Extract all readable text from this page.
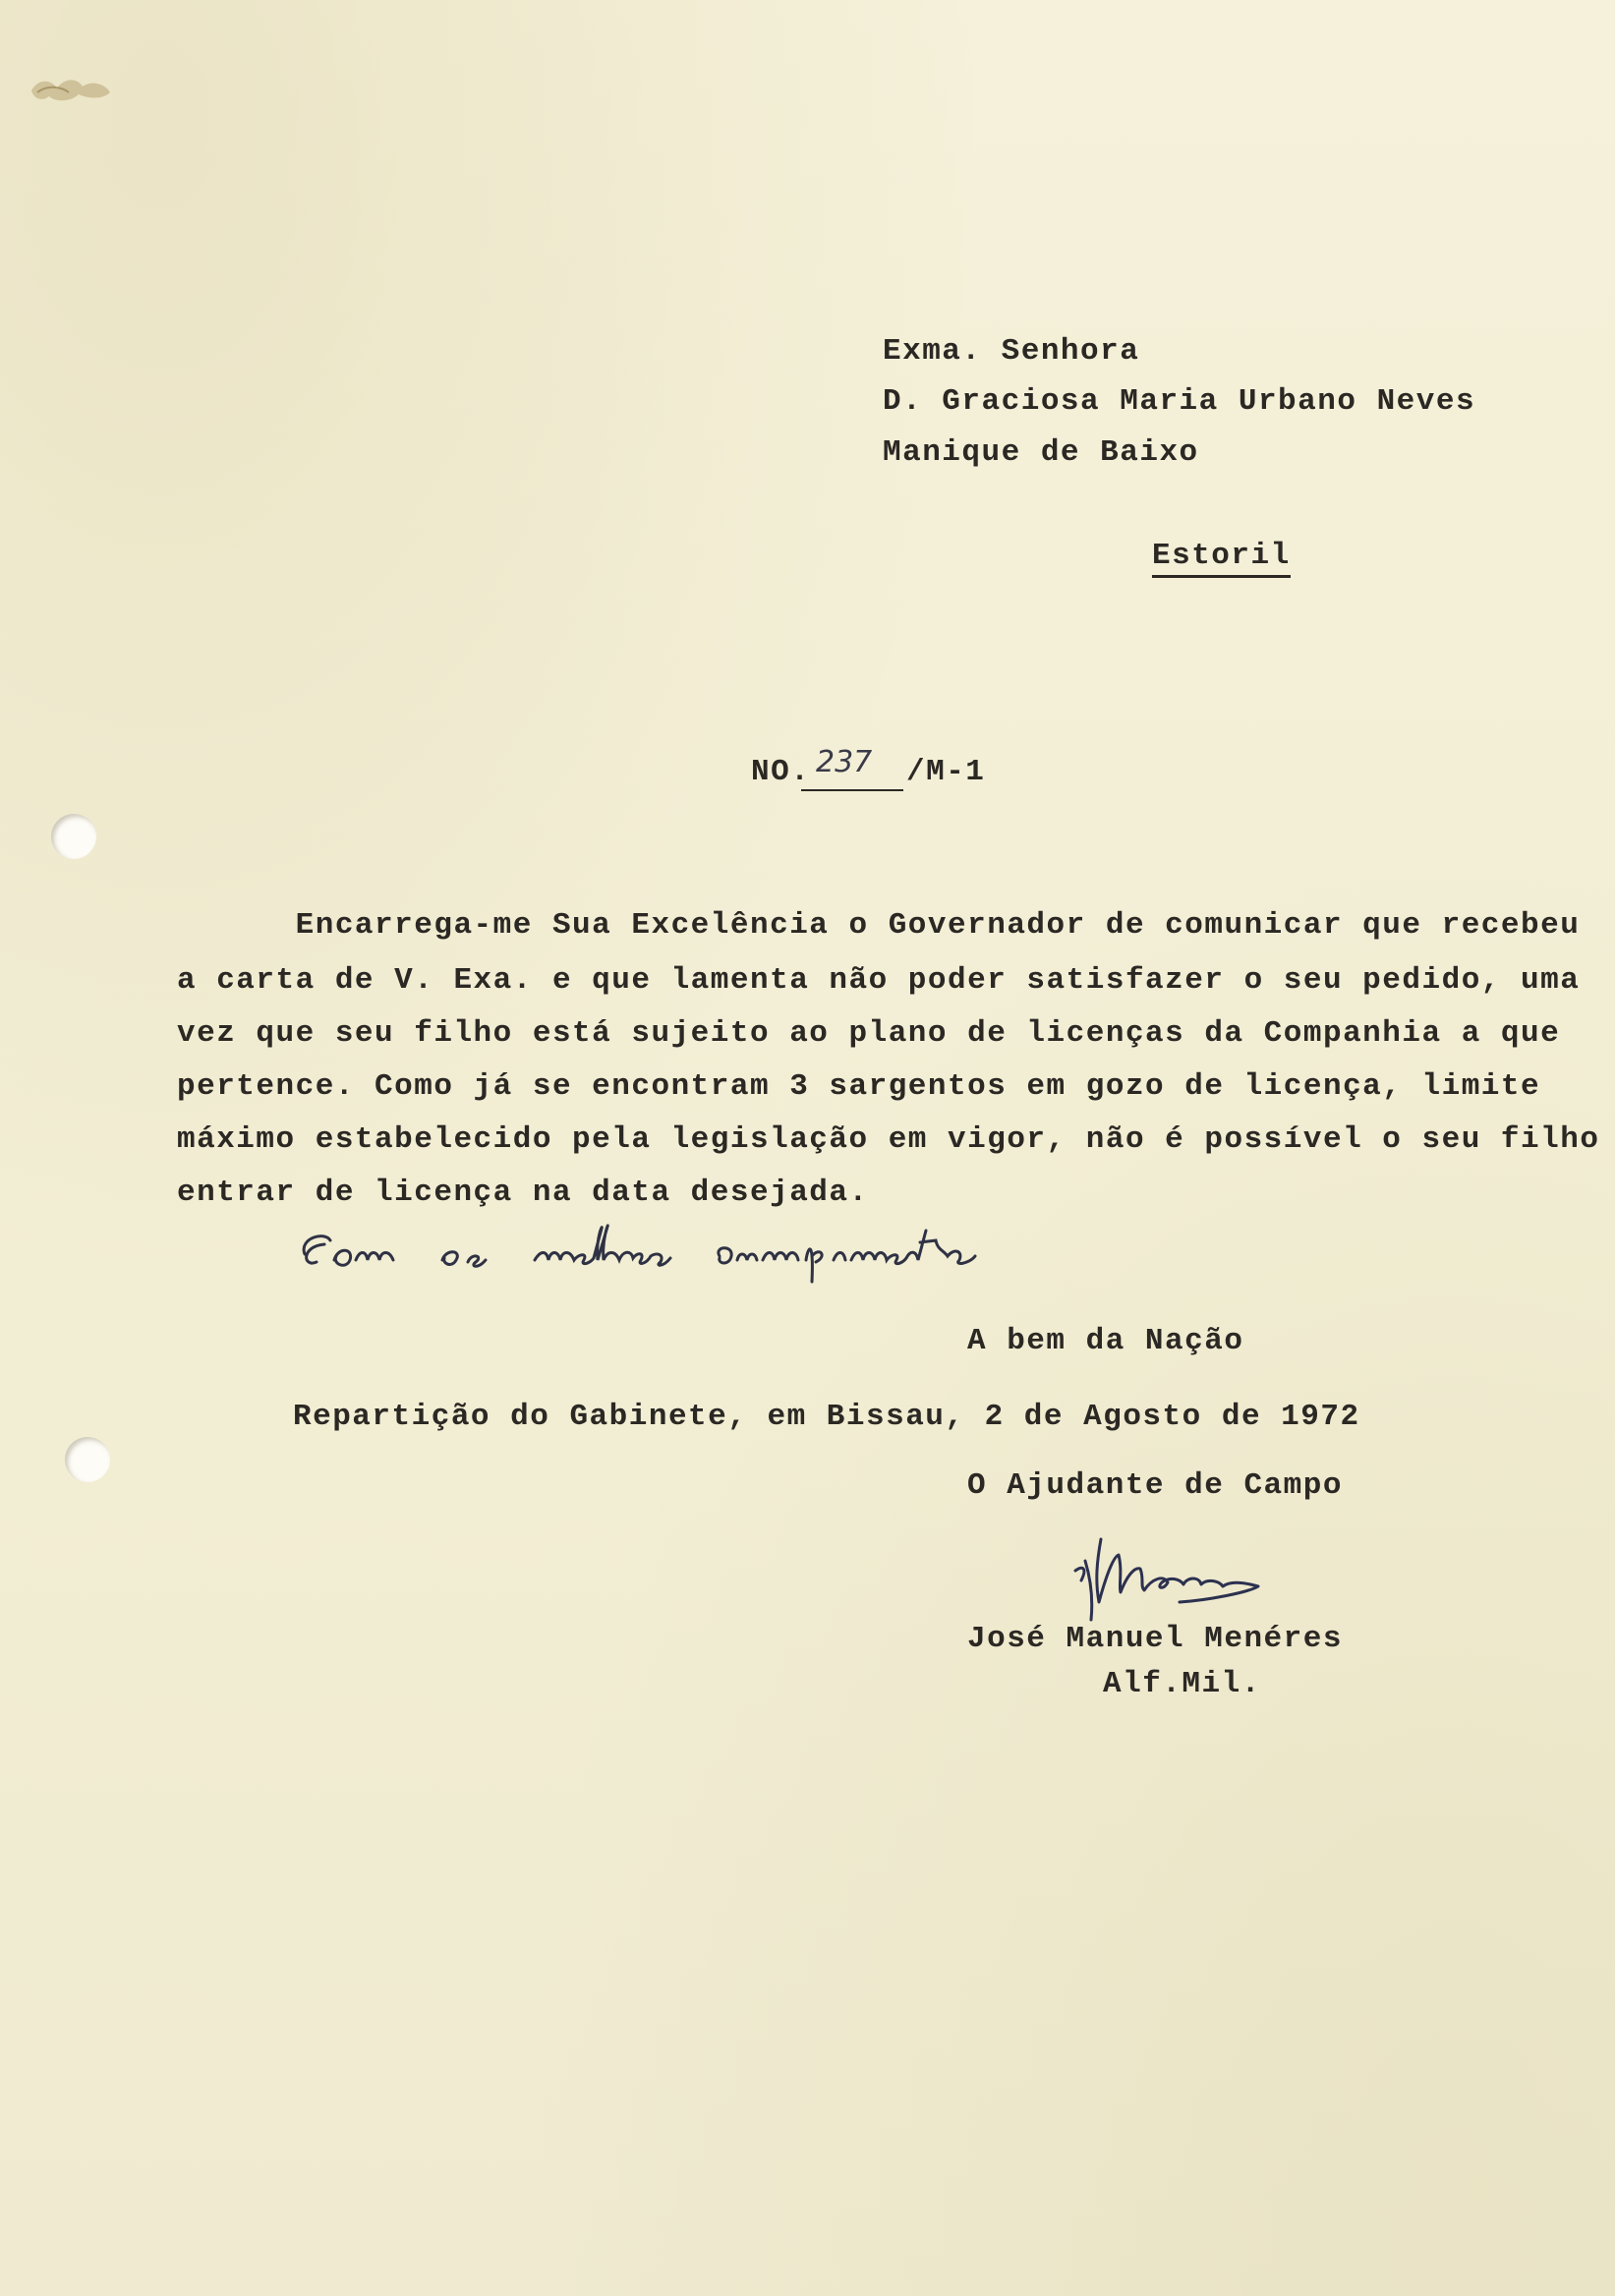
Exma. Senhora
D. Graciosa Maria Urbano Neves
Manique de Baixo
Estoril
NO. 237 /M-1
Encarrega-me Sua Excelência o Governador de comunicar que recebeu
a carta de V. Exa. e que lamenta não poder satisfazer o seu pedido, uma
vez que seu filho está sujeito ao plano de licenças da Companhia a que
pertence. Como já se encontram 3 sargentos em gozo de licença, limite
máximo estabelecido pela legislação em vigor, não é possível o seu filho
entrar de licença na data desejada.
A bem da Nação
Repartição do Gabinete, em Bissau, 2 de Agosto de 1972
O Ajudante de Campo
José Manuel Menéres
Alf.Mil.
